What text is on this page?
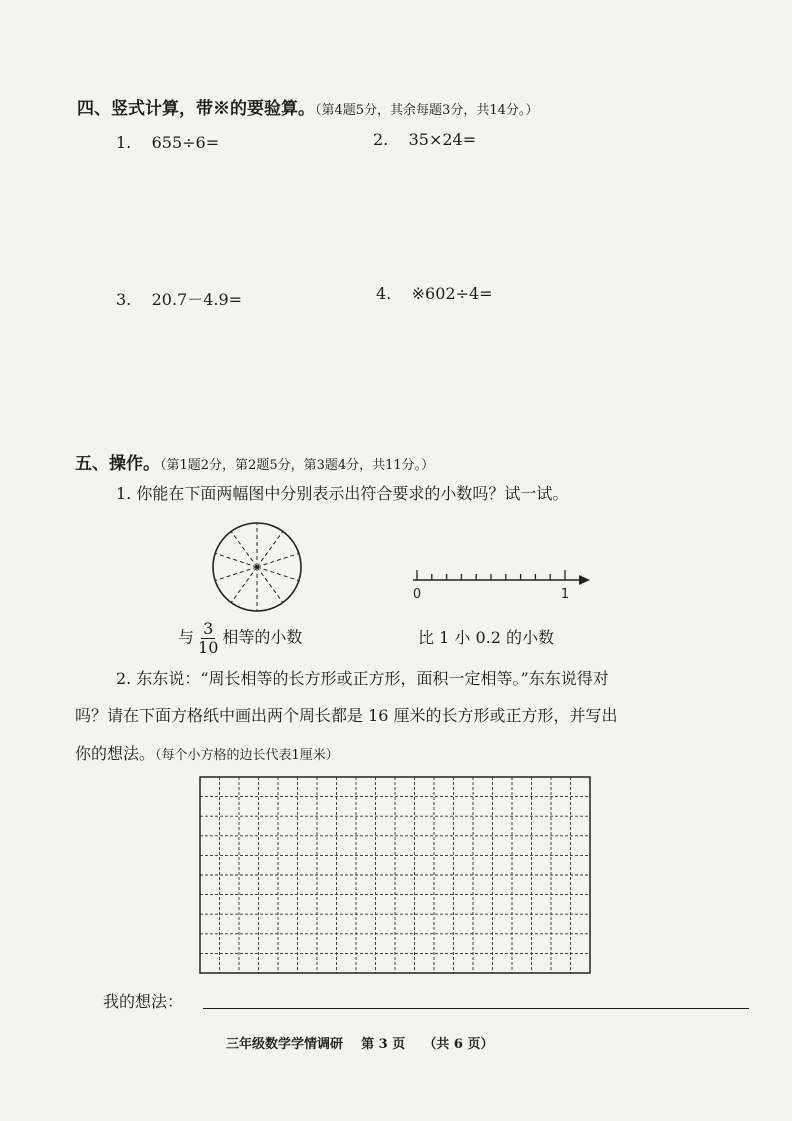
四、竖式计算，带※的要验算。（第4题5分，其余每题3分，共14分。）
1. 655÷6=	2. 35×24=
3. 20.7－4.9=	4. ※602÷4=
五、操作。（第1题2分，第2题5分，第3题4分，共11分。）
1. 你能在下面两幅图中分别表示出符合要求的小数吗？试一试。
与 $\frac{3}{10}$ 相等的小数
0	1
比 1 小 0.2 的小数
2. 东东说：“周长相等的长方形或正方形，面积一定相等。”东东说得对
吗？请在下面方格纸中画出两个周长都是 16 厘米的长方形或正方形，并写出
你的想法。（每个小方格的边长代表1厘米）
我的想法：
三年级数学学情调研 第 3 页 （共 6 页）
